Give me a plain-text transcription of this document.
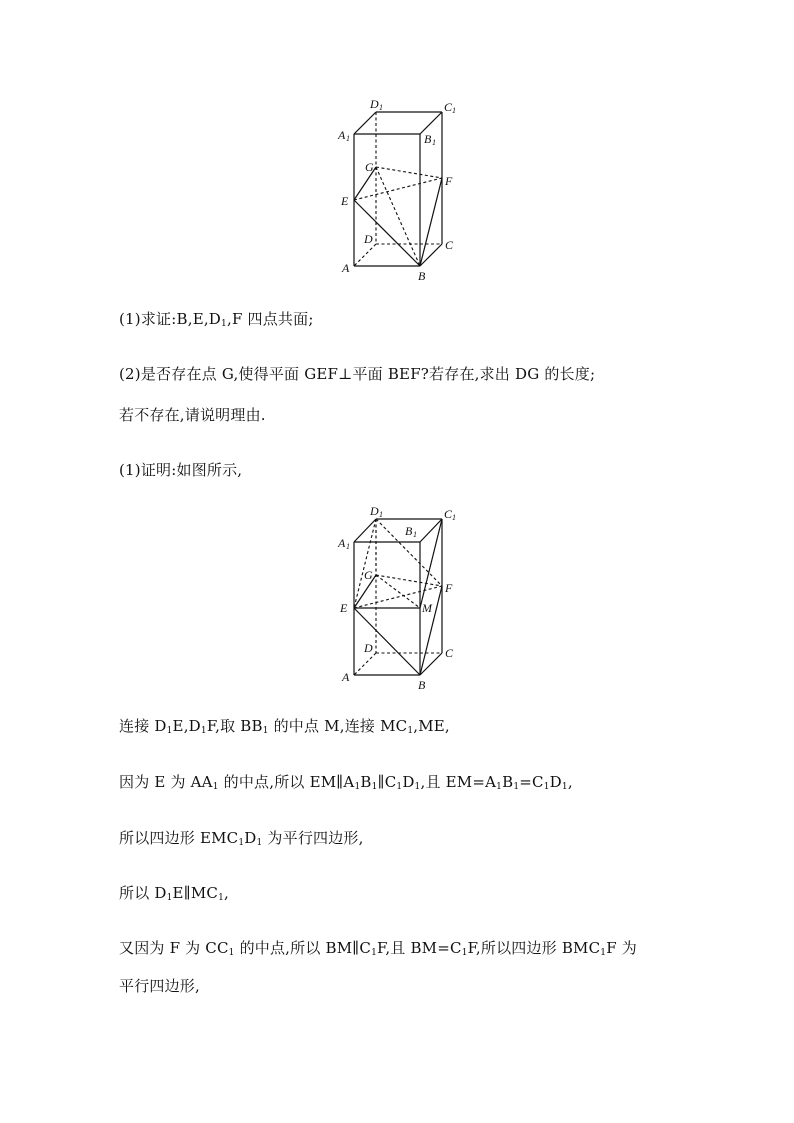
D 1	C 1
A 1	B 1
G
F
E
D	C
A
B
(1)求证$:B,E,D_1,F$ 四点共面;
(2)是否存在点 G,使得平面 GEF⊥平面 BEF?若存在,求出 DG 的长度;
若不存在,请说明理由.
(1)证明:如图所示,
D 1	C 1
B 1
A 1
G
F
E	M
D	C
A
B
连接 $D_1E,D_1F$,取 $BB_1$ 的中点 M,连接 $MC_1,ME$,
因为 E 为 $AA_1$ 的中点,所以 $EM\parallel A_1B_1\parallel C_1D_1$,且 $EM=A_1B_1=C_1D_1$,
所以四边形 $EMC_1D_1$ 为平行四边形,
所以 $D_1E\parallel MC_1$,
又因为 F 为 $CC_1$ 的中点,所以 $BM\parallel C_1F$,且 $BM=C_1F$,所以四边形 $BMC_1F$ 为
平行四边形,
